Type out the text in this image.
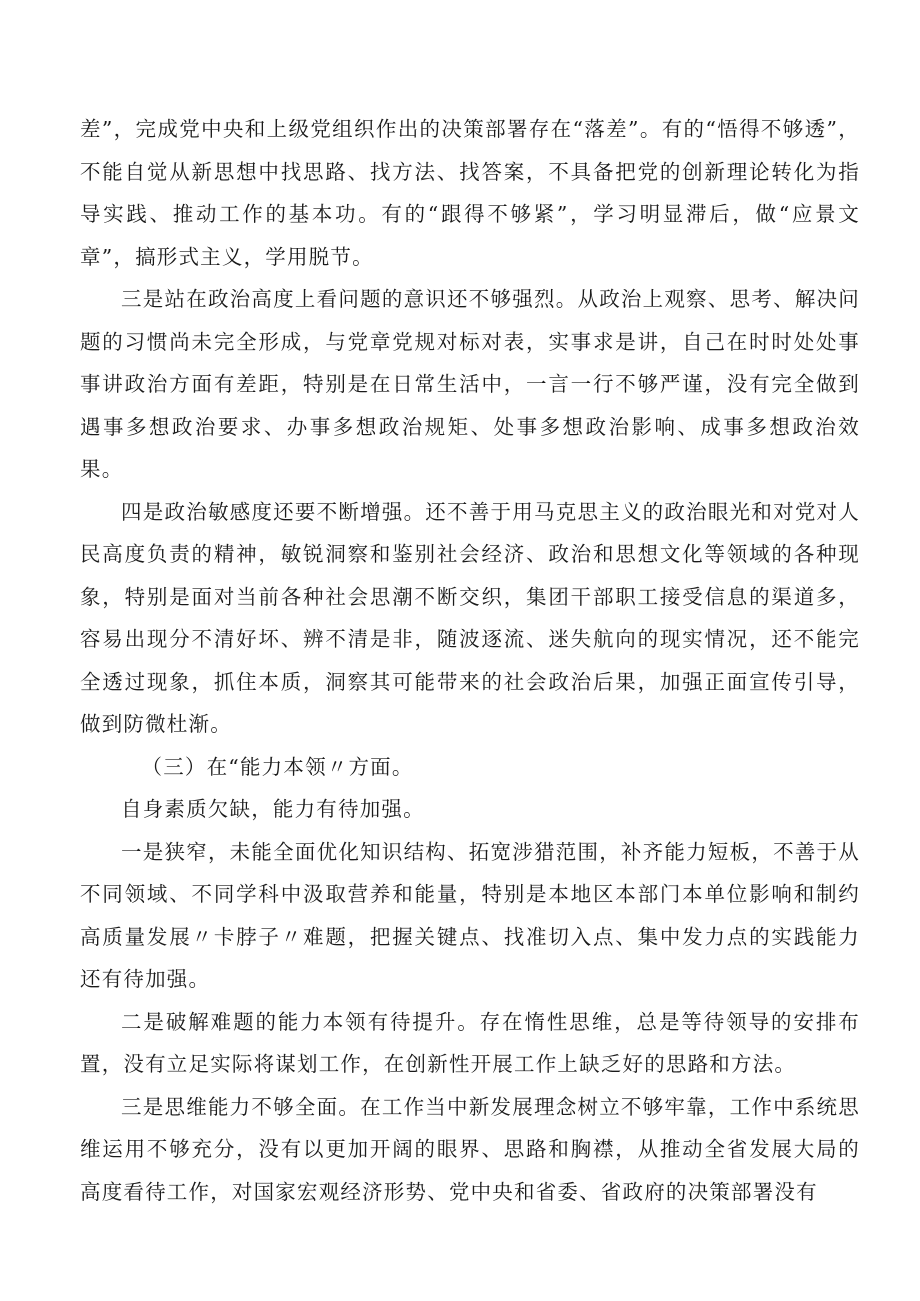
差”，完成党中央和上级党组织作出的决策部署存在“落差”。有的“悟得不够透”，不能自觉从新思想中找思路、找方法、找答案，不具备把党的创新理论转化为指导实践、推动工作的基本功。有的“跟得不够紧”，学习明显滞后，做“应景文章”，搞形式主义，学用脱节。

三是站在政治高度上看问题的意识还不够强烈。从政治上观察、思考、解决问题的习惯尚未完全形成，与党章党规对标对表，实事求是讲，自己在时时处处事事讲政治方面有差距，特别是在日常生活中，一言一行不够严谨，没有完全做到遇事多想政治要求、办事多想政治规矩、处事多想政治影响、成事多想政治效果。

四是政治敏感度还要不断增强。还不善于用马克思主义的政治眼光和对党对人民高度负责的精神，敏锐洞察和鉴别社会经济、政治和思想文化等领域的各种现象，特别是面对当前各种社会思潮不断交织，集团干部职工接受信息的渠道多，容易出现分不清好坏、辨不清是非，随波逐流、迷失航向的现实情况，还不能完全透过现象，抓住本质，洞察其可能带来的社会政治后果，加强正面宣传引导，做到防微杜渐。

（三）在“能力本领〃方面。

自身素质欠缺，能力有待加强。

一是狭窄，未能全面优化知识结构、拓宽涉猎范围，补齐能力短板，不善于从不同领域、不同学科中汲取营养和能量，特别是本地区本部门本单位影响和制约高质量发展〃卡脖子〃难题，把握关键点、找准切入点、集中发力点的实践能力还有待加强。

二是破解难题的能力本领有待提升。存在惰性思维，总是等待领导的安排布置，没有立足实际将谋划工作，在创新性开展工作上缺乏好的思路和方法。

三是思维能力不够全面。在工作当中新发展理念树立不够牢靠，工作中系统思维运用不够充分，没有以更加开阔的眼界、思路和胸襟，从推动全省发展大局的高度看待工作，对国家宏观经济形势、党中央和省委、省政府的决策部署没有
